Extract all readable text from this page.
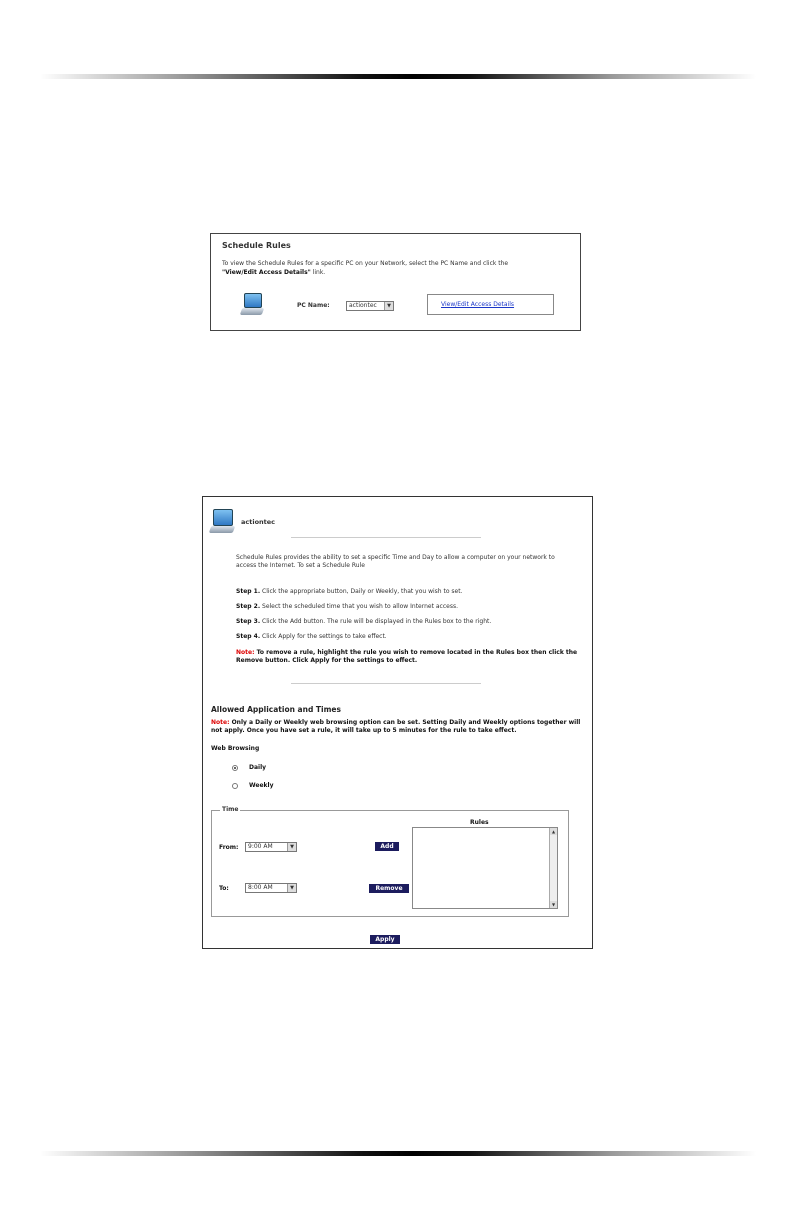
Schedule Rules
To view the Schedule Rules for a specific PC on your Network, select the PC Name and click the
"View/Edit Access Details" link.
PC Name:	actiontec	▼	View/Edit Access Details
actiontec
Schedule Rules provides the ability to set a specific Time and Day to allow a computer on your network to access the Internet. To set a Schedule Rule
Step 1. Click the appropriate button, Daily or Weekly, that you wish to set.
Step 2. Select the scheduled time that you wish to allow Internet access.
Step 3. Click the Add button. The rule will be displayed in the Rules box to the right.
Step 4. Click Apply for the settings to take effect.
Note: To remove a rule, highlight the rule you wish to remove located in the Rules box then click the Remove button. Click Apply for the settings to effect.
Allowed Application and Times
Note: Only a Daily or Weekly web browsing option can be set. Setting Daily and Weekly options together will not apply. Once you have set a rule, it will take up to 5 minutes for the rule to take effect.
Web Browsing
Daily
Weekly
Time
Rules
From:	9:00 AM	▼
To:	8:00 AM	▼
Add
Remove
▲
▼
Apply
